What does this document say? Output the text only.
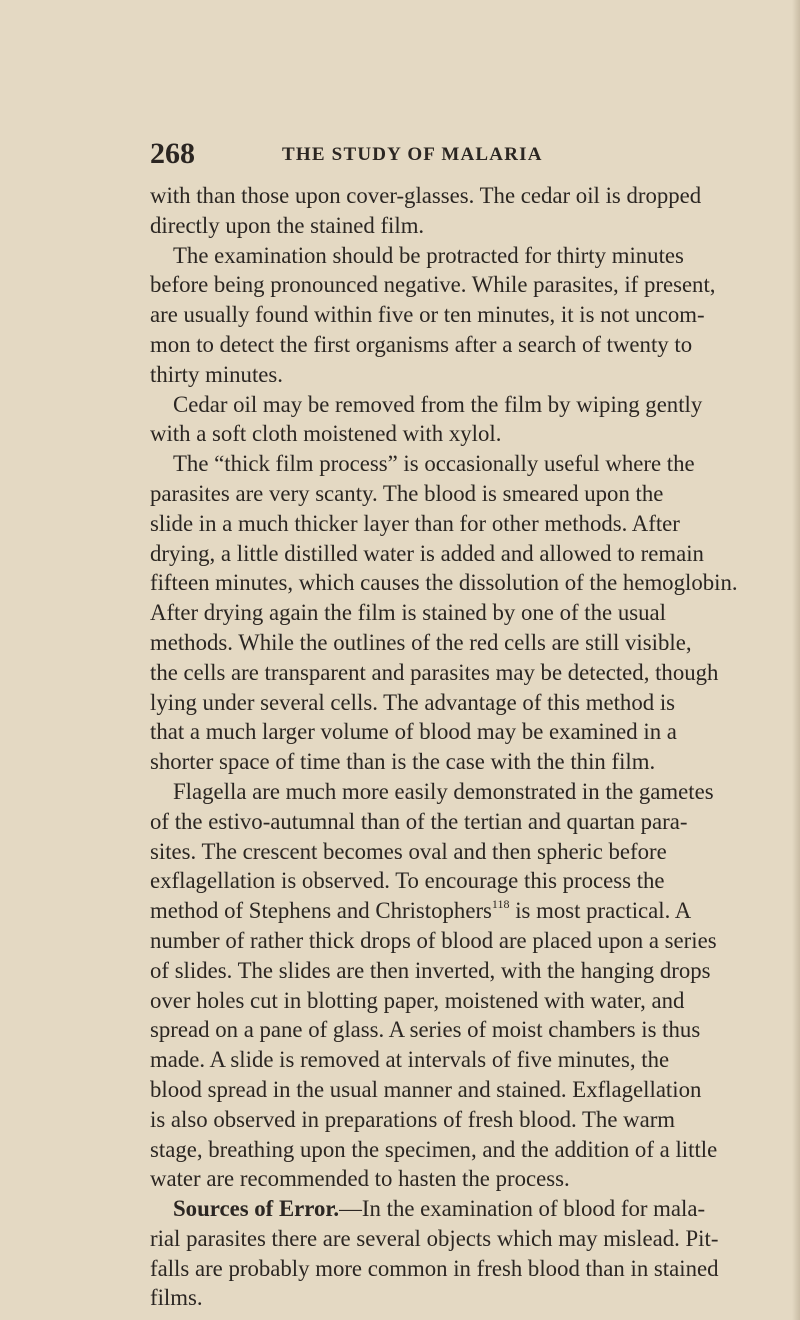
268	THE STUDY OF MALARIA
with than those upon cover-glasses. The cedar oil is dropped
directly upon the stained film.
The examination should be protracted for thirty minutes
before being pronounced negative. While parasites, if present,
are usually found within five or ten minutes, it is not uncom-
mon to detect the first organisms after a search of twenty to
thirty minutes.
Cedar oil may be removed from the film by wiping gently
with a soft cloth moistened with xylol.
The “thick film process” is occasionally useful where the
parasites are very scanty. The blood is smeared upon the
slide in a much thicker layer than for other methods. After
drying, a little distilled water is added and allowed to remain
fifteen minutes, which causes the dissolution of the hemoglobin.
After drying again the film is stained by one of the usual
methods. While the outlines of the red cells are still visible,
the cells are transparent and parasites may be detected, though
lying under several cells. The advantage of this method is
that a much larger volume of blood may be examined in a
shorter space of time than is the case with the thin film.
Flagella are much more easily demonstrated in the gametes
of the estivo-autumnal than of the tertian and quartan para-
sites. The crescent becomes oval and then spheric before
exflagellation is observed. To encourage this process the
method of Stephens and Christophers$^{118}$ is most practical. A
number of rather thick drops of blood are placed upon a series
of slides. The slides are then inverted, with the hanging drops
over holes cut in blotting paper, moistened with water, and
spread on a pane of glass. A series of moist chambers is thus
made. A slide is removed at intervals of five minutes, the
blood spread in the usual manner and stained. Exflagellation
is also observed in preparations of fresh blood. The warm
stage, breathing upon the specimen, and the addition of a little
water are recommended to hasten the process.
Sources of Error.—In the examination of blood for mala-
rial parasites there are several objects which may mislead. Pit-
falls are probably more common in fresh blood than in stained
films.
